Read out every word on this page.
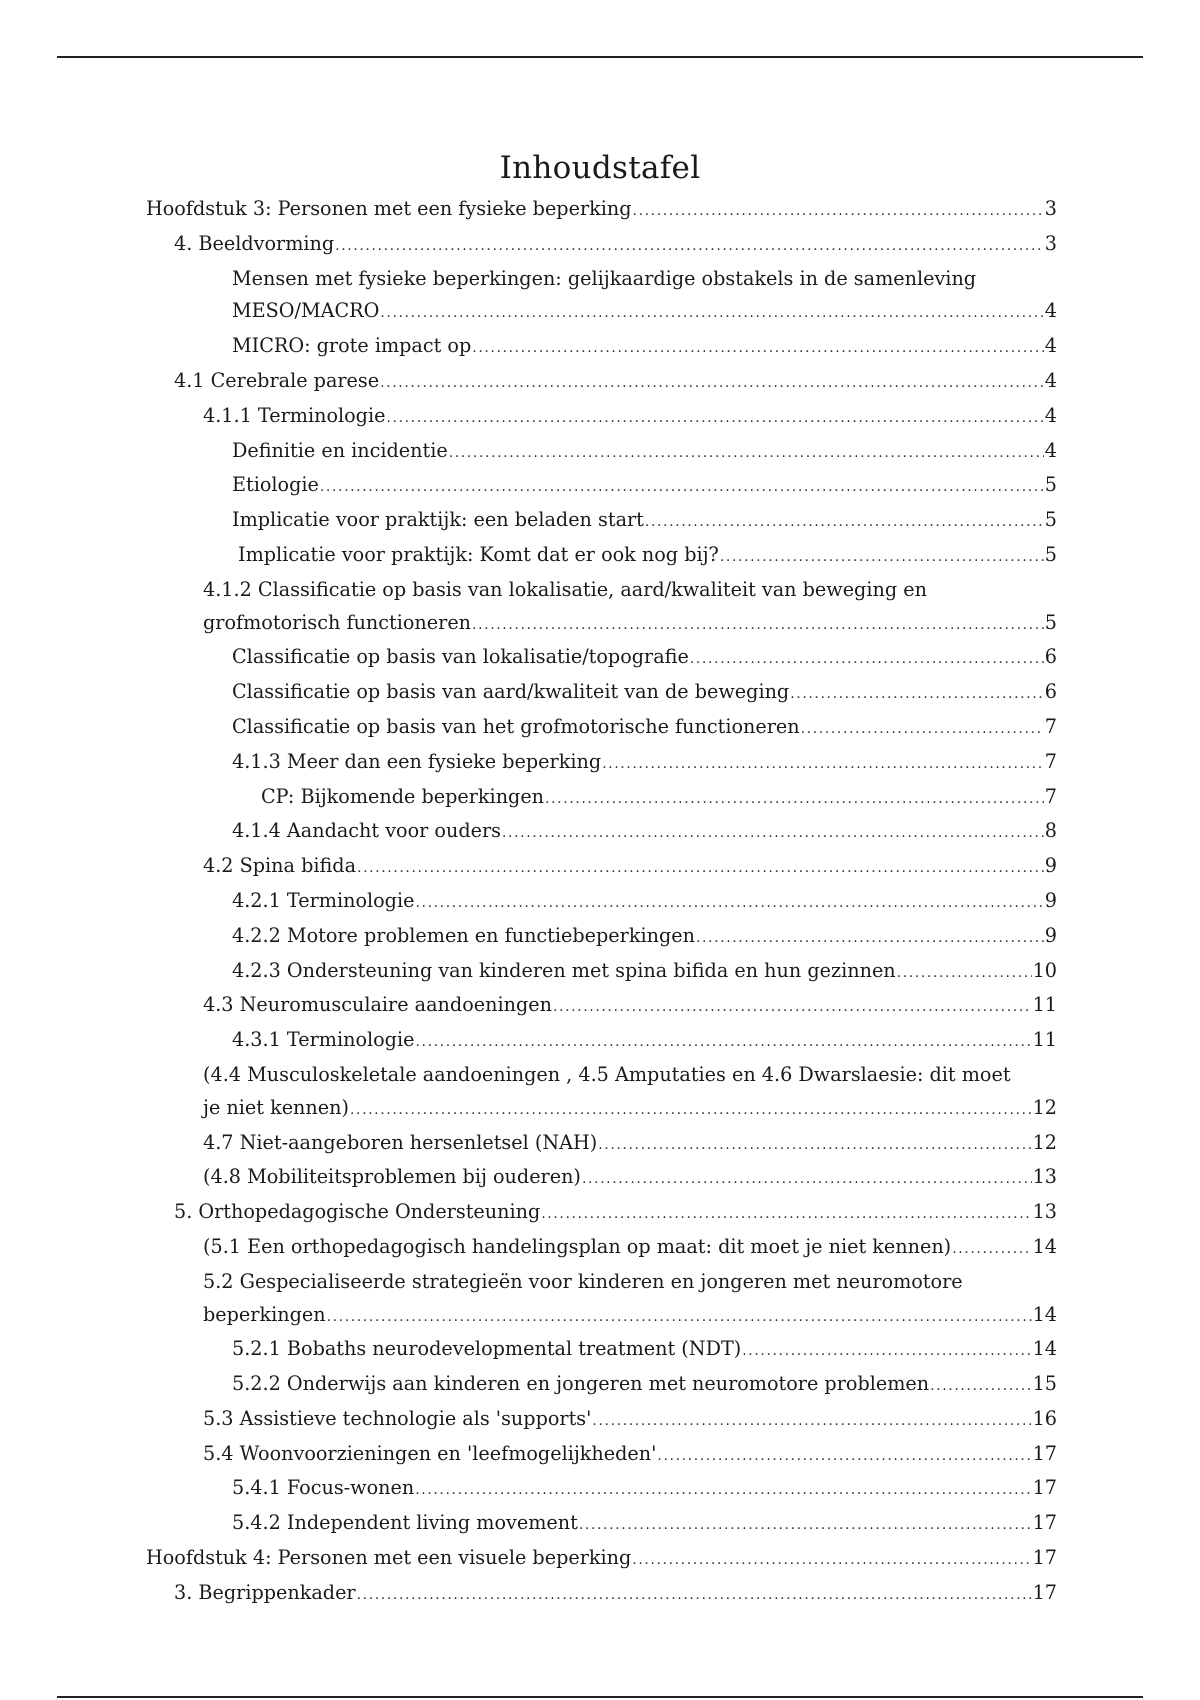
Inhoudstafel
Hoofdstuk 3: Personen met een fysieke beperking .....	3
4. Beeldvorming .....	3
Mensen met fysieke beperkingen: gelijkaardige obstakels in de samenleving
MESO/MACRO .....	4
MICRO: grote impact op .....	4
4.1 Cerebrale parese .....	4
4.1.1 Terminologie .....	4
Definitie en incidentie .....	4
Etiologie .....	5
Implicatie voor praktijk: een beladen start .....	5
Implicatie voor praktijk: Komt dat er ook nog bij? .....	5
4.1.2 Classificatie op basis van lokalisatie, aard/kwaliteit van beweging en
grofmotorisch functioneren .....	5
Classificatie op basis van lokalisatie/topografie .....	6
Classificatie op basis van aard/kwaliteit van de beweging .....	6
Classificatie op basis van het grofmotorische functioneren .....	7
4.1.3 Meer dan een fysieke beperking .....	7
CP: Bijkomende beperkingen .....	7
4.1.4 Aandacht voor ouders .....	8
4.2 Spina bifida .....	9
4.2.1 Terminologie .....	9
4.2.2 Motore problemen en functiebeperkingen .....	9
4.2.3 Ondersteuning van kinderen met spina bifida en hun gezinnen .....	10
4.3 Neuromusculaire aandoeningen .....	11
4.3.1 Terminologie .....	11
(4.4 Musculoskeletale aandoeningen , 4.5 Amputaties en 4.6 Dwarslaesie: dit moet
je niet kennen) .....	12
4.7 Niet-aangeboren hersenletsel (NAH) .....	12
(4.8 Mobiliteitsproblemen bij ouderen) .....	13
5. Orthopedagogische Ondersteuning .....	13
(5.1 Een orthopedagogisch handelingsplan op maat: dit moet je niet kennen) .....	14
5.2 Gespecialiseerde strategieën voor kinderen en jongeren met neuromotore
beperkingen .....	14
5.2.1 Bobaths neurodevelopmental treatment (NDT) .....	14
5.2.2 Onderwijs aan kinderen en jongeren met neuromotore problemen .....	15
5.3 Assistieve technologie als 'supports' .....	16
5.4 Woonvoorzieningen en 'leefmogelijkheden' .....	17
5.4.1 Focus-wonen .....	17
5.4.2 Independent living movement .....	17
Hoofdstuk 4: Personen met een visuele beperking .....	17
3. Begrippenkader .....	17
